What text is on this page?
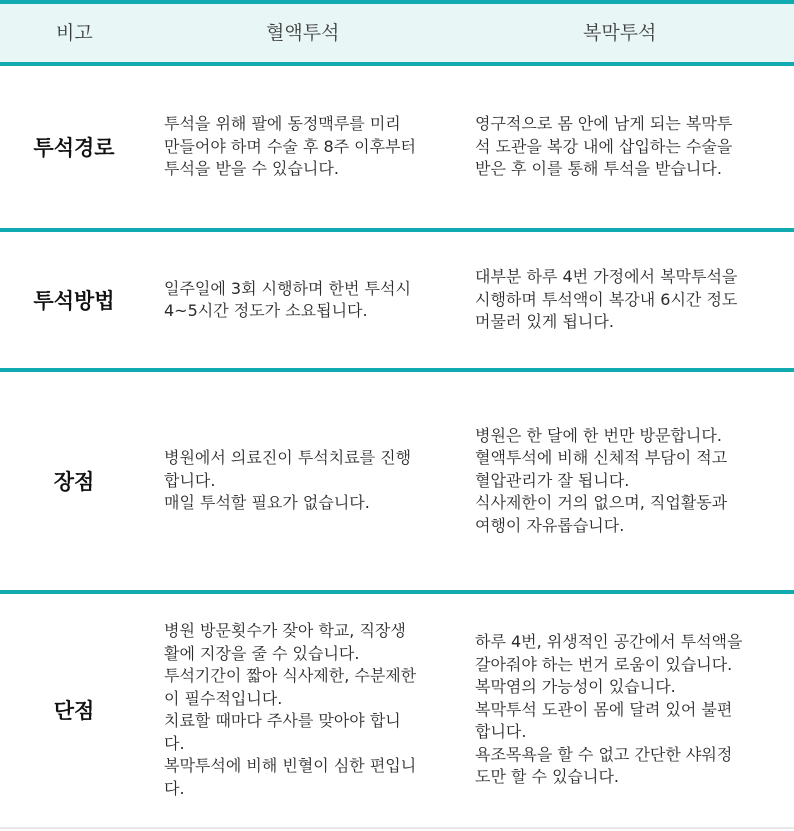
비고	혈액투석	복막투석
투석경로
투석을 위해 팔에 동정맥루를 미리
만들어야 하며 수술 후 8주 이후부터
투석을 받을 수 있습니다.
영구적으로 몸 안에 남게 되는 복막투
석 도관을 복강 내에 삽입하는 수술을
받은 후 이를 통해 투석을 받습니다.
투석방법
일주일에 3회 시행하며 한번 투석시
4~5시간 정도가 소요됩니다.
대부분 하루 4번 가정에서 복막투석을
시행하며 투석액이 복강내 6시간 정도
머물러 있게 됩니다.
장점
병원에서 의료진이 투석치료를 진행
합니다.
매일 투석할 필요가 없습니다.
병원은 한 달에 한 번만 방문합니다.
혈액투석에 비해 신체적 부담이 적고
혈압관리가 잘 됩니다.
식사제한이 거의 없으며, 직업활동과
여행이 자유롭습니다.
단점
병원 방문횟수가 잦아 학교, 직장생
활에 지장을 줄 수 있습니다.
투석기간이 짧아 식사제한, 수분제한
이 필수적입니다.
치료할 때마다 주사를 맞아야 합니
다.
복막투석에 비해 빈혈이 심한 편입니
다.
하루 4번, 위생적인 공간에서 투석액을
갈아줘야 하는 번거 로움이 있습니다.
복막염의 가능성이 있습니다.
복막투석 도관이 몸에 달려 있어 불편
합니다.
욕조목욕을 할 수 없고 간단한 샤워정
도만 할 수 있습니다.
